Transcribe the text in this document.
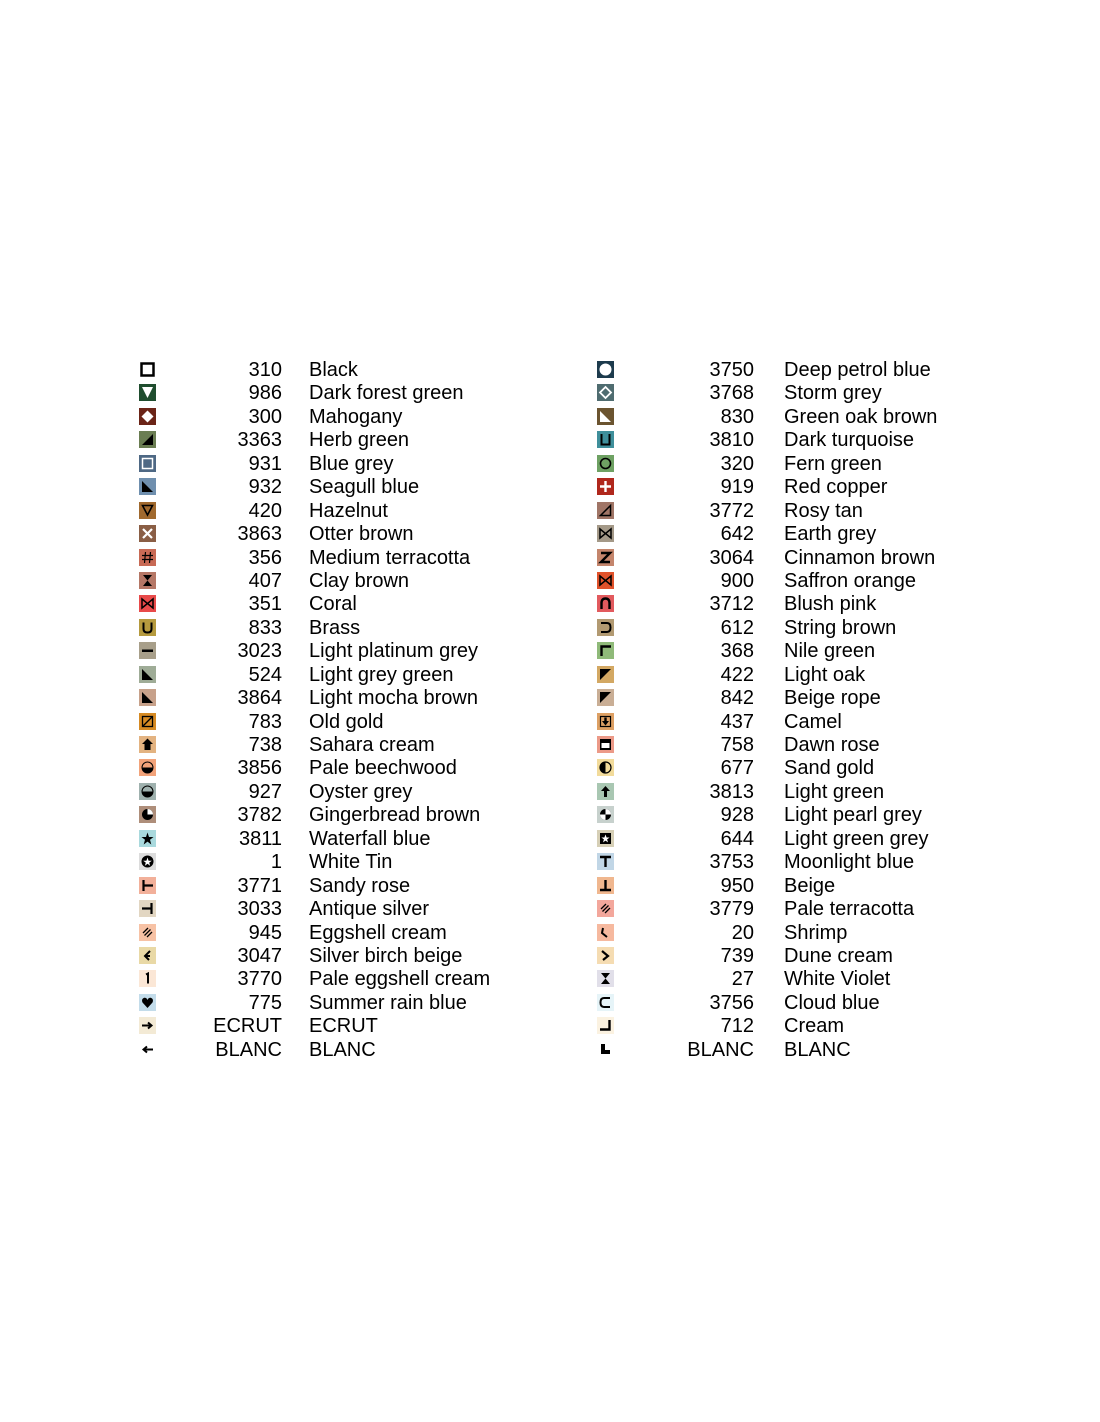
310 Black
986 Dark forest green
300 Mahogany
3363 Herb green
931 Blue grey
932 Seagull blue
420 Hazelnut
3863 Otter brown
356 Medium terracotta
407 Clay brown
351 Coral
833 Brass
3023 Light platinum grey
524 Light grey green
3864 Light mocha brown
783 Old gold
738 Sahara cream
3856 Pale beechwood
927 Oyster grey
3782 Gingerbread brown
3811 Waterfall blue
1 White Tin
3771 Sandy rose
3033 Antique silver
945 Eggshell cream
3047 Silver birch beige
3770 Pale eggshell cream
775 Summer rain blue
ECRUT ECRUT
BLANC BLANC
3750 Deep petrol blue
3768 Storm grey
830 Green oak brown
3810 Dark turquoise
320 Fern green
919 Red copper
3772 Rosy tan
642 Earth grey
3064 Cinnamon brown
900 Saffron orange
3712 Blush pink
612 String brown
368 Nile green
422 Light oak
842 Beige rope
437 Camel
758 Dawn rose
677 Sand gold
3813 Light green
928 Light pearl grey
644 Light green grey
3753 Moonlight blue
950 Beige
3779 Pale terracotta
20 Shrimp
739 Dune cream
27 White Violet
3756 Cloud blue
712 Cream
BLANC BLANC
